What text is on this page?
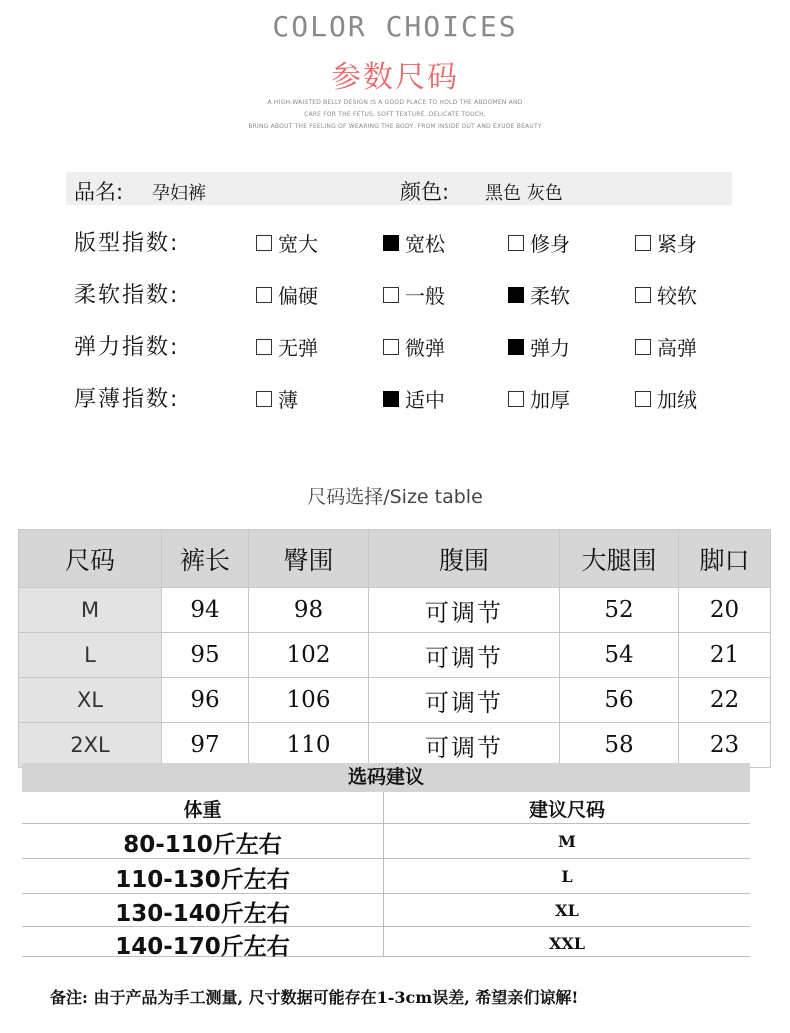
COLOR CHOICES
参数尺码
A HIGH-WAISTED BELLY DESIGN IS A GOOD PLACE TO HOLD THE ABDOMEN AND
CARE FOR THE FETUS, SOFT TEXTURE. DELICATE TOUCH,
BRING ABOUT THE FEELING OF WEARING THE BODY, FROM INSIDE OUT AND EXUDE BEAUTY
品名: 孕妇裤	颜色: 黑色 灰色
版型指数:	宽大	宽松	修身	紧身
柔软指数:	偏硬	一般	柔软	较软
弹力指数:	无弹	微弹	弹力	高弹
厚薄指数:	薄	适中	加厚	加绒
尺码选择/Size table
尺码	裤长	臀围	腹围	大腿围	脚口
M	94	98	可调节	52	20
L	95	102	可调节	54	21
XL	96	106	可调节	56	22
2XL	97	110	可调节	58	23
选码建议
体重	建议尺码
80-110斤左右	M
110-130斤左右	L
130-140斤左右	XL
140-170斤左右	XXL
备注: 由于产品为手工测量, 尺寸数据可能存在1-3cm误差, 希望亲们谅解!
